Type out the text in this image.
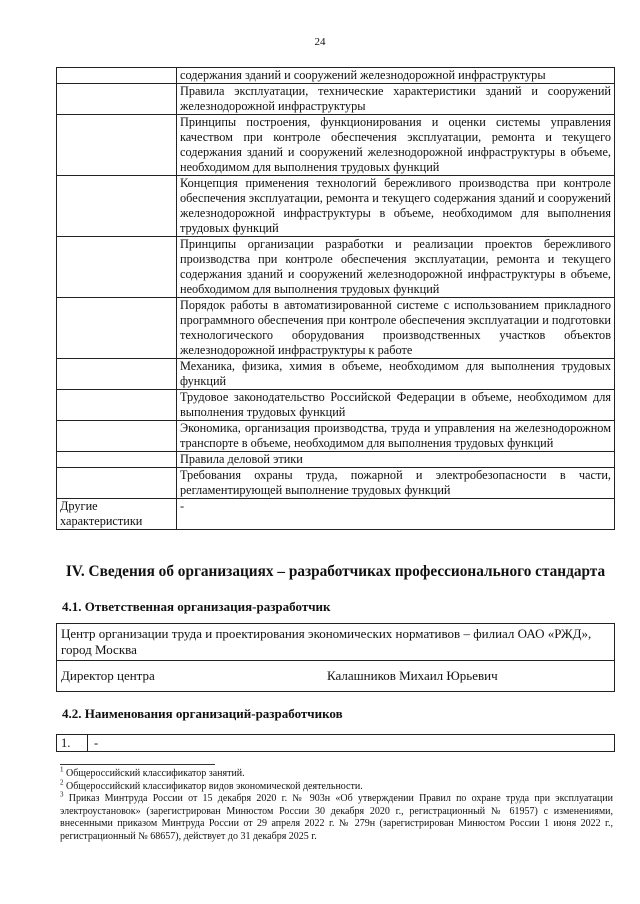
24
	содержания зданий и сооружений железнодорожной инфраструктуры
	Правила эксплуатации, технические характеристики зданий и сооружений железнодорожной инфраструктуры
	Принципы построения, функционирования и оценки системы управления качеством при контроле обеспечения эксплуатации, ремонта и текущего содержания зданий и сооружений железнодорожной инфраструктуры в объеме, необходимом для выполнения трудовых функций
	Концепция применения технологий бережливого производства при контроле обеспечения эксплуатации, ремонта и текущего содержания зданий и сооружений железнодорожной инфраструктуры в объеме, необходимом для выполнения трудовых функций
	Принципы организации разработки и реализации проектов бережливого производства при контроле обеспечения эксплуатации, ремонта и текущего содержания зданий и сооружений железнодорожной инфраструктуры в объеме, необходимом для выполнения трудовых функций
	Порядок работы в автоматизированной системе с использованием прикладного программного обеспечения при контроле обеспечения эксплуатации и подготовки технологического оборудования производственных участков объектов железнодорожной инфраструктуры к работе
	Механика, физика, химия в объеме, необходимом для выполнения трудовых функций
	Трудовое законодательство Российской Федерации в объеме, необходимом для выполнения трудовых функций
	Экономика, организация производства, труда и управления на железнодорожном транспорте в объеме, необходимом для выполнения трудовых функций
	Правила деловой этики
	Требования охраны труда, пожарной и электробезопасности в части, регламентирующей выполнение трудовых функций
Другие характеристики	-
IV. Сведения об организациях – разработчиках профессионального стандарта
4.1. Ответственная организация-разработчик
Центр организации труда и проектирования экономических нормативов – филиал ОАО «РЖД», город Москва
Директор центра	Калашников Михаил Юрьевич
4.2. Наименования организаций-разработчиков
1.	-

$^1$ Общероссийский классификатор занятий.

$^2$ Общероссийский классификатор видов экономической деятельности.

$^3$ Приказ Минтруда России от 15 декабря 2020 г. № 903н «Об утверждении Правил по охране труда при эксплуатации электроустановок» (зарегистрирован Минюстом России 30 декабря 2020 г., регистрационный № 61957) с изменениями, внесенными приказом Минтруда России от 29 апреля 2022 г. № 279н (зарегистрирован Минюстом России 1 июня 2022 г., регистрационный № 68657), действует до 31 декабря 2025 г.
